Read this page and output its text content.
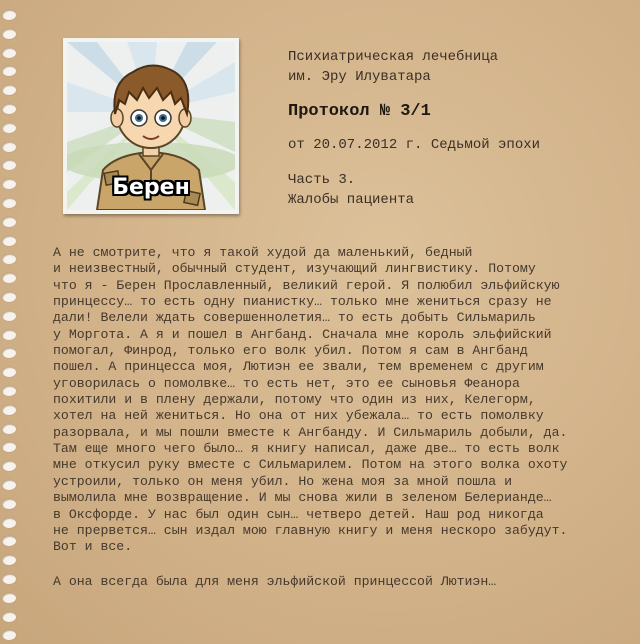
Берен
Психиатрическая лечебница
им. Эру Илуватара
Протокол № 3/1
от 20.07.2012 г. Седьмой эпохи
Часть 3.
Жалобы пациента

А не смотрите, что я такой худой да маленький, бедный

и неизвестный, обычный студент, изучающий лингвистику. Потому

что я - Берен Прославленный, великий герой. Я полюбил эльфийскую

принцессу… то есть одну пианистку… только мне жениться сразу не

дали! Велели ждать совершеннолетия… то есть добыть Сильмариль

у Моргота. А я и пошел в Ангбанд. Сначала мне король эльфийский

помогал, Финрод, только его волк убил. Потом я сам в Ангбанд

пошел. А принцесса моя, Лютиэн ее звали, тем временем с другим

уговорилась о помолвке… то есть нет, это ее сыновья Феанора

похитили и в плену держали, потому что один из них, Келегорм,

хотел на ней жениться. Но она от них убежала… то есть помолвку

разорвала, и мы пошли вместе к Ангбанду. И Сильмариль добыли, да.

Там еще много чего было… я книгу написал, даже две… то есть волк

мне откусил руку вместе с Сильмарилем. Потом на этого волка охоту

устроили, только он меня убил. Но жена моя за мной пошла и

вымолила мне возвращение. И мы снова жили в зеленом Белерианде…

в Оксфорде. У нас был один сын… четверо детей. Наш род никогда

не прервется… сын издал мою главную книгу и меня нескоро забудут.

Вот и все.

А она всегда была для меня эльфийской принцессой Лютиэн…
